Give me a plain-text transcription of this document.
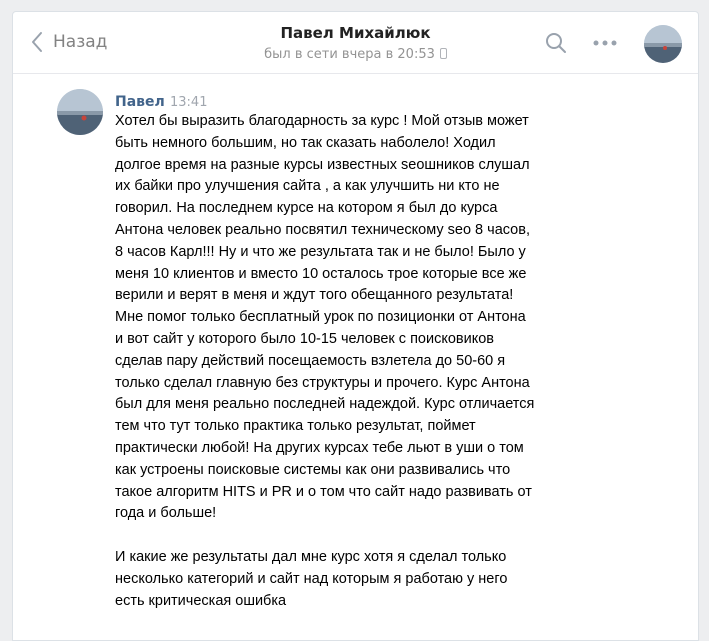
Назад	Павел Михайлюк
был в сети вчера в 20:53
Павел 13:41
Хотел бы выразить благодарность за курс ! Мой отзыв может
быть немного большим, но так сказать наболело! Ходил
долгое время на разные курсы известных seoшников слушал
их байки про улучшения сайта , а как улучшить ни кто не
говорил. На последнем курсе на котором я был до курса
Антона человек реально посвятил техническому seo 8 часов,
8 часов Карл!!! Ну и что же результата так и не было! Было у
меня 10 клиентов и вместо 10 осталось трое которые все же
верили и верят в меня и ждут того обещанного результата!
Мне помог только бесплатный урок по позиционки от Антона
и вот сайт у которого было 10-15 человек с поисковиков
сделав пару действий посещаемость взлетела до 50-60 я
только сделал главную без структуры и прочего. Курс Антона
был для меня реально последней надеждой. Курс отличается
тем что тут только практика только результат, поймет
практически любой! На других курсах тебе льют в уши о том
как устроены поисковые системы как они развивались что
такое алгоритм HITS и PR и о том что сайт надо развивать от
года и больше!
И какие же результаты дал мне курс хотя я сделал только
несколько категорий и сайт над которым я работаю у него
есть критическая ошибка
